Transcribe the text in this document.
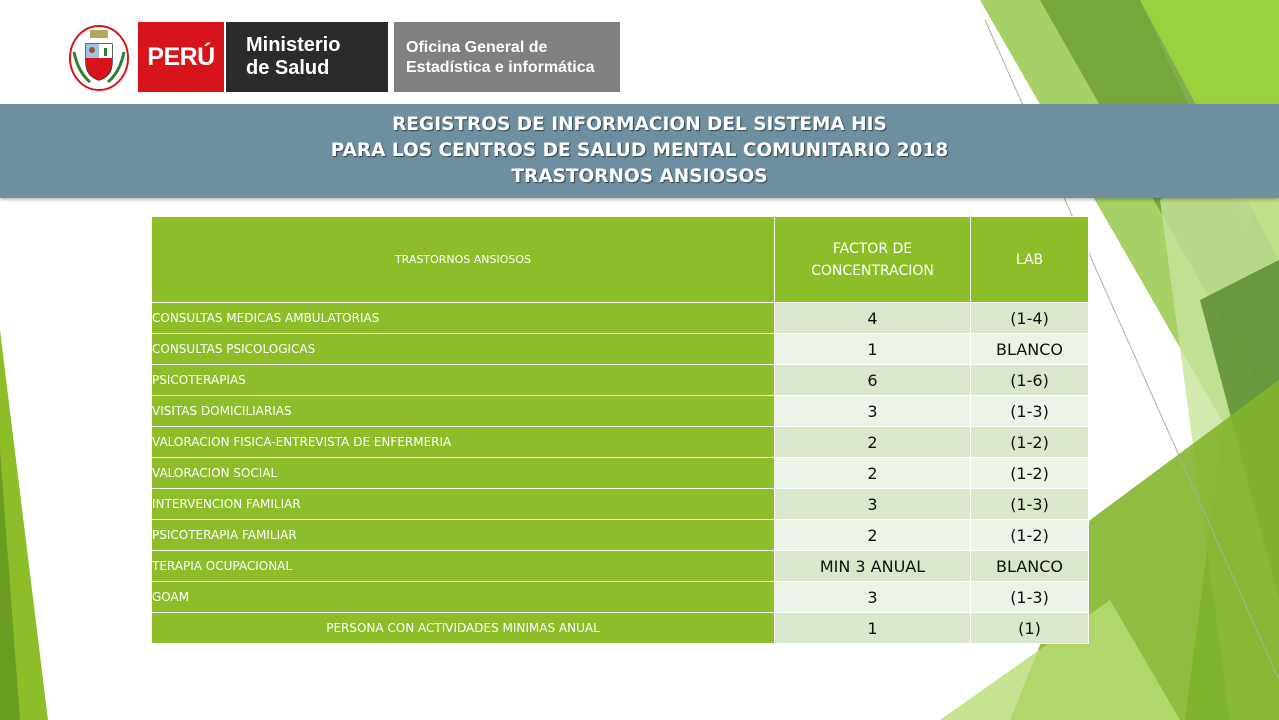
PERÚ Ministerio
de Salud
Oficina General de
Estadística e informática
REGISTROS DE INFORMACION DEL SISTEMA HIS
PARA LOS CENTROS DE SALUD MENTAL COMUNITARIO 2018
TRASTORNOS ANSIOSOS
TRASTORNOS ANSIOSOS	FACTOR DE CONCENTRACION	LAB
CONSULTAS MEDICAS AMBULATORIAS	4	(1-4)
CONSULTAS PSICOLOGICAS	1	BLANCO
PSICOTERAPIAS	6	(1-6)
VISITAS DOMICILIARIAS	3	(1-3)
VALORACION FISICA-ENTREVISTA DE ENFERMERIA	2	(1-2)
VALORACION SOCIAL	2	(1-2)
INTERVENCION FAMILIAR	3	(1-3)
PSICOTERAPIA FAMILIAR	2	(1-2)
TERAPIA OCUPACIONAL	MIN 3 ANUAL	BLANCO
GOAM	3	(1-3)
PERSONA CON ACTIVIDADES MINIMAS ANUAL	1	(1)
